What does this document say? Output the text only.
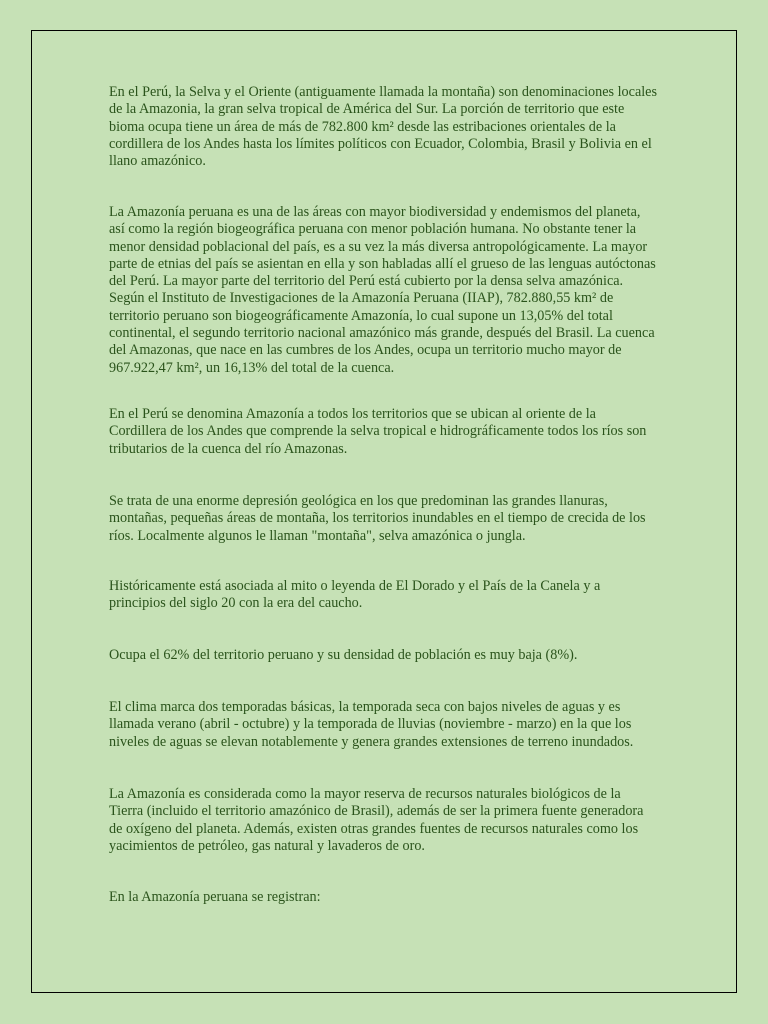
En el Perú, la Selva y el Oriente (antiguamente llamada la montaña) son denominaciones locales
de la Amazonia, la gran selva tropical de América del Sur. La porción de territorio que este
bioma ocupa tiene un área de más de 782.800 km² desde las estribaciones orientales de la
cordillera de los Andes hasta los límites políticos con Ecuador, Colombia, Brasil y Bolivia en el
llano amazónico.

La Amazonía peruana es una de las áreas con mayor biodiversidad y endemismos del planeta,
así como la región biogeográfica peruana con menor población humana. No obstante tener la
menor densidad poblacional del país, es a su vez la más diversa antropológicamente. La mayor
parte de etnias del país se asientan en ella y son habladas allí el grueso de las lenguas autóctonas
del Perú. La mayor parte del territorio del Perú está cubierto por la densa selva amazónica.
Según el Instituto de Investigaciones de la Amazonía Peruana (IIAP), 782.880,55 km² de
territorio peruano son biogeográficamente Amazonía, lo cual supone un 13,05% del total
continental, el segundo territorio nacional amazónico más grande, después del Brasil. La cuenca
del Amazonas, que nace en las cumbres de los Andes, ocupa un territorio mucho mayor de
967.922,47 km², un 16,13% del total de la cuenca.

En el Perú se denomina Amazonía a todos los territorios que se ubican al oriente de la
Cordillera de los Andes que comprende la selva tropical e hidrográficamente todos los ríos son
tributarios de la cuenca del río Amazonas.

Se trata de una enorme depresión geológica en los que predominan las grandes llanuras,
montañas, pequeñas áreas de montaña, los territorios inundables en el tiempo de crecida de los
ríos. Localmente algunos le llaman "montaña", selva amazónica o jungla.

Históricamente está asociada al mito o leyenda de El Dorado y el País de la Canela y a
principios del siglo 20 con la era del caucho.

Ocupa el 62% del territorio peruano y su densidad de población es muy baja (8%).

El clima marca dos temporadas básicas, la temporada seca con bajos niveles de aguas y es
llamada verano (abril - octubre) y la temporada de lluvias (noviembre - marzo) en la que los
niveles de aguas se elevan notablemente y genera grandes extensiones de terreno inundados.

La Amazonía es considerada como la mayor reserva de recursos naturales biológicos de la
Tierra (incluido el territorio amazónico de Brasil), además de ser la primera fuente generadora
de oxígeno del planeta. Además, existen otras grandes fuentes de recursos naturales como los
yacimientos de petróleo, gas natural y lavaderos de oro.

En la Amazonía peruana se registran:
